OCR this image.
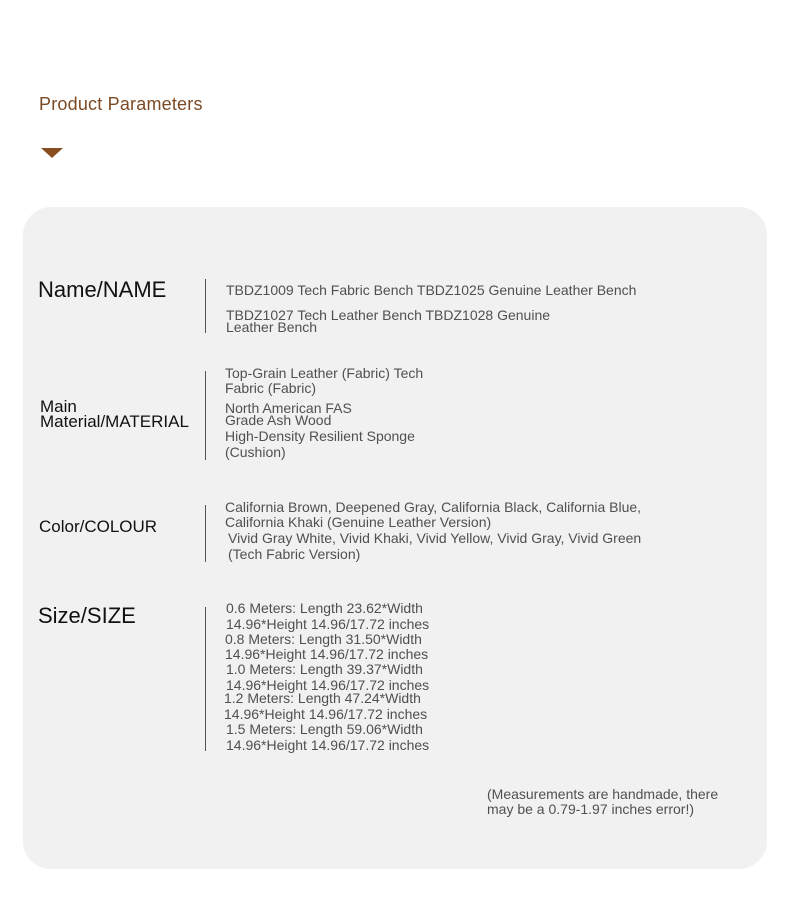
Product Parameters
Name/NAME	TBDZ1009 Tech Fabric Bench TBDZ1025 Genuine Leather Bench
TBDZ1027 Tech Leather Bench TBDZ1028 Genuine
Leather Bench
Main
Material/MATERIAL
Top-Grain Leather (Fabric) Tech
Fabric (Fabric)
North American FAS
Grade Ash Wood
High-Density Resilient Sponge
(Cushion)
Color/COLOUR
California Brown, Deepened Gray, California Black, California Blue,
California Khaki (Genuine Leather Version)
Vivid Gray White, Vivid Khaki, Vivid Yellow, Vivid Gray, Vivid Green
(Tech Fabric Version)
Size/SIZE	0.6 Meters: Length 23.62*Width
14.96*Height 14.96/17.72 inches
0.8 Meters: Length 31.50*Width
14.96*Height 14.96/17.72 inches
1.0 Meters: Length 39.37*Width
14.96*Height 14.96/17.72 inches
1.2 Meters: Length 47.24*Width
14.96*Height 14.96/17.72 inches
1.5 Meters: Length 59.06*Width
14.96*Height 14.96/17.72 inches
(Measurements are handmade, there may be a 0.79-1.97 inches error!)
